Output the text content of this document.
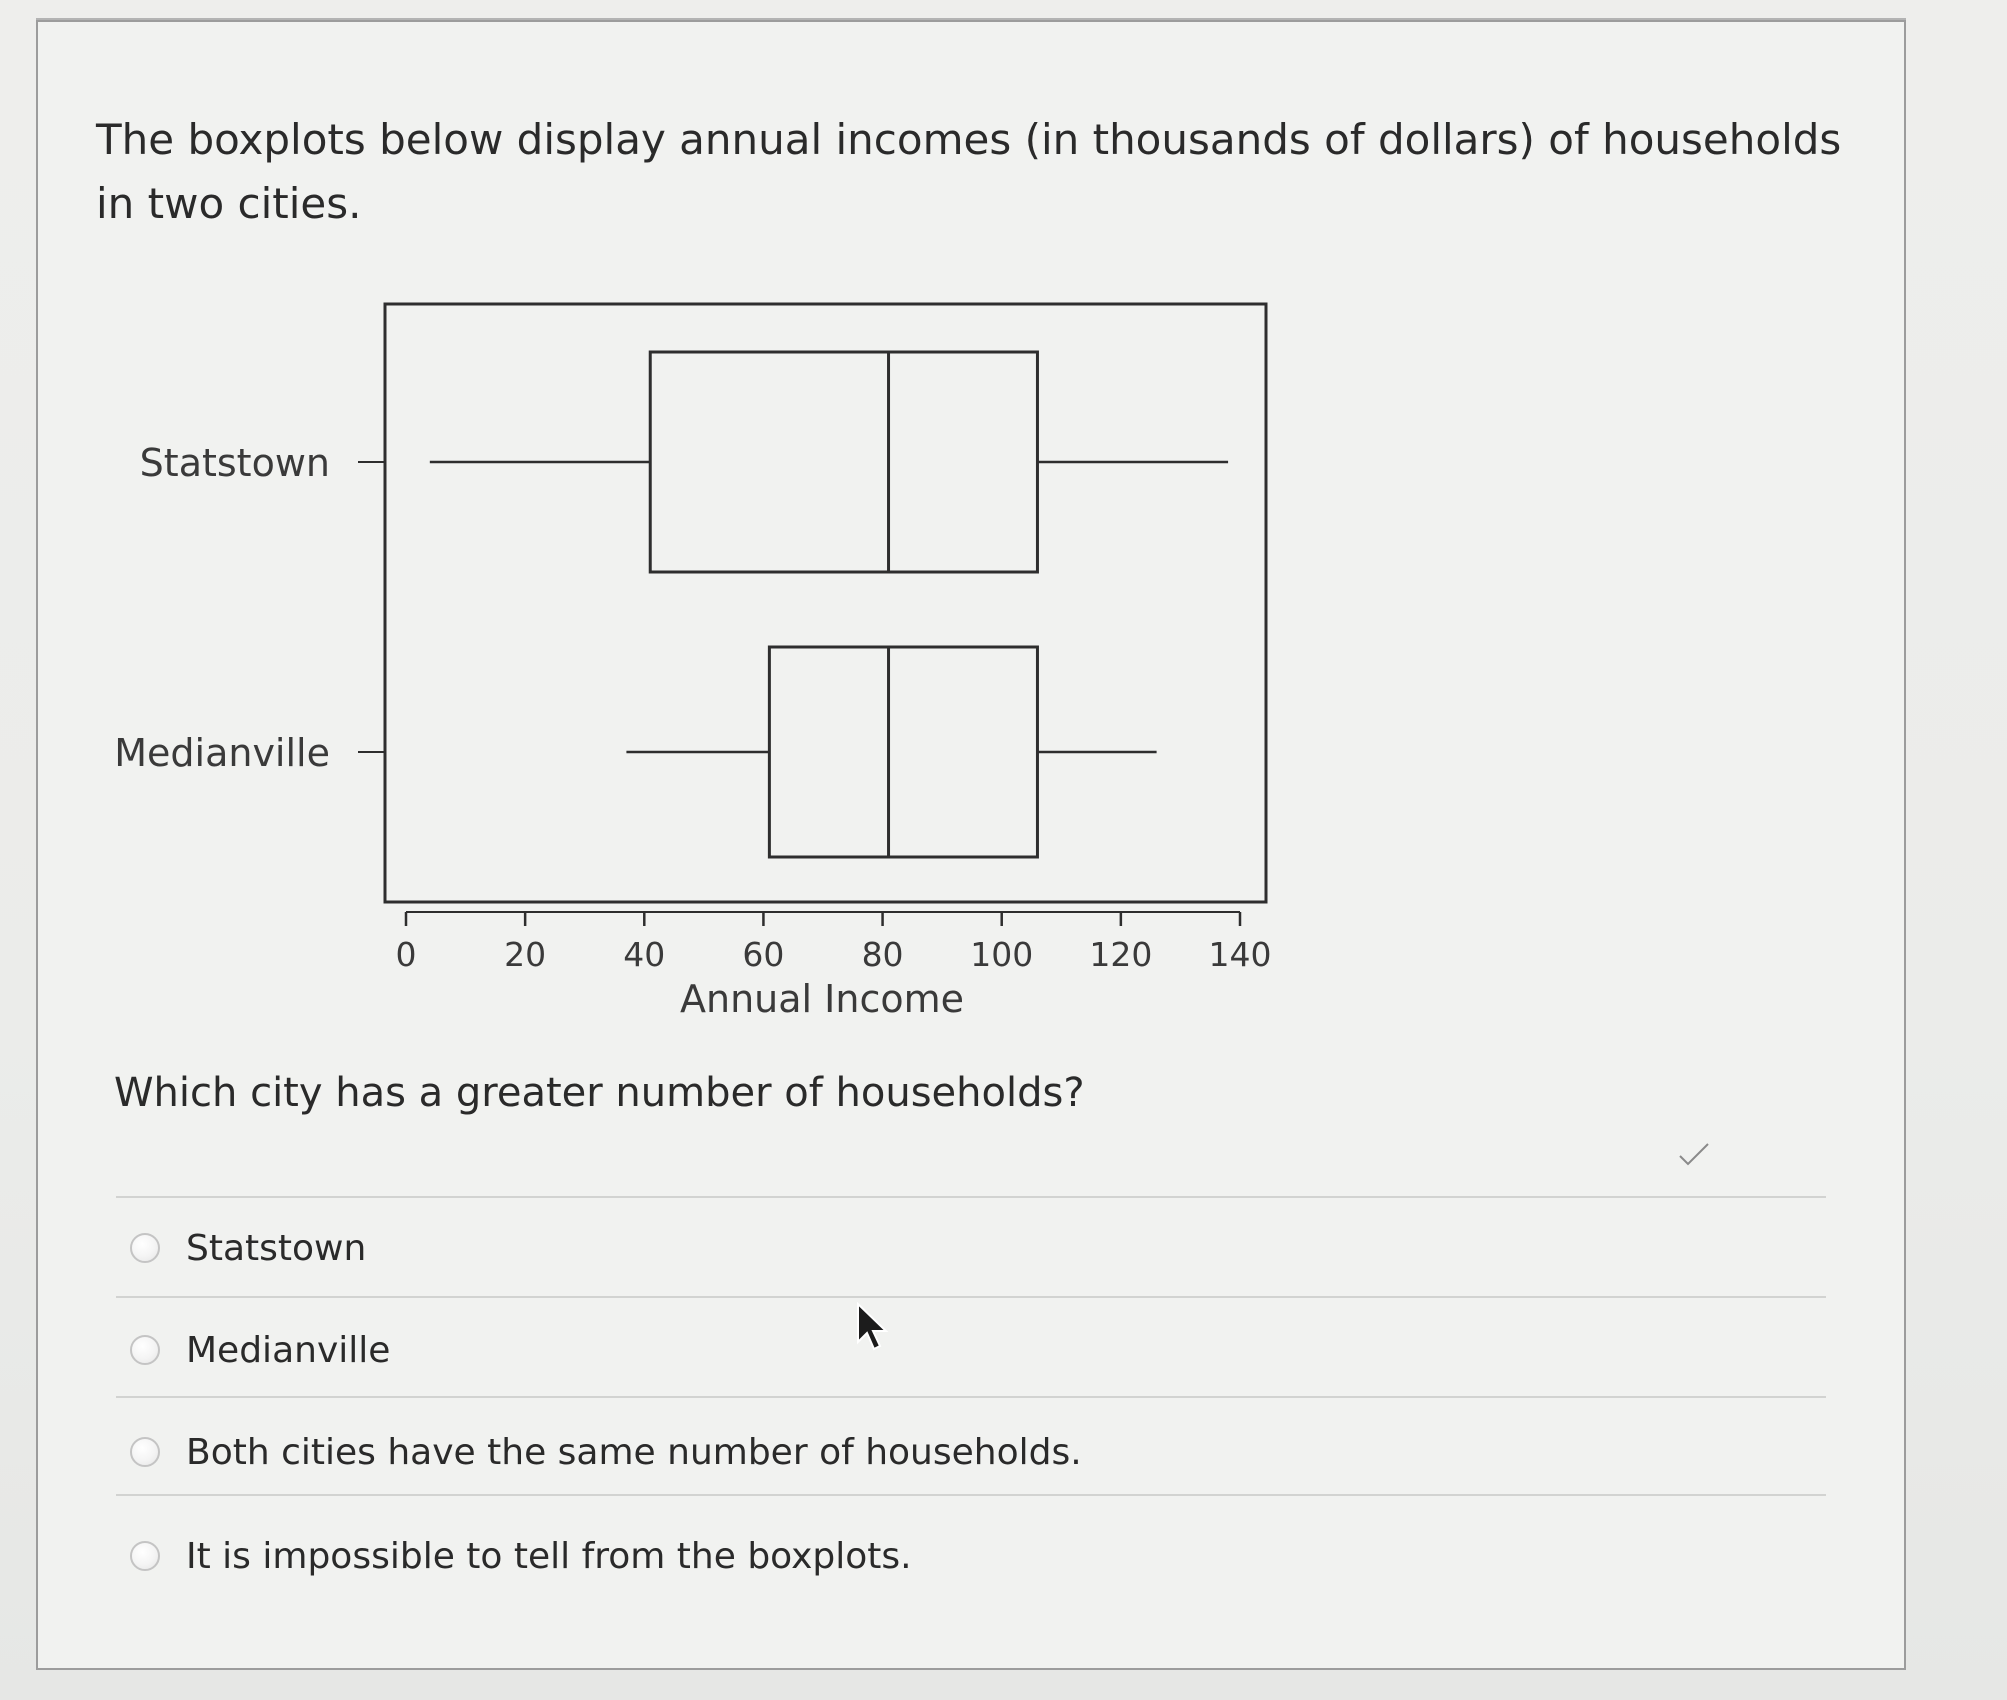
The boxplots below display annual incomes (in thousands of dollars) of households in two cities.

Statstown
Medianville
0	20 40 60 80 100 120 140
Annual Income

Which city has a greater number of households?

Statstown
Medianville
Both cities have the same number of households.
It is impossible to tell from the boxplots.
